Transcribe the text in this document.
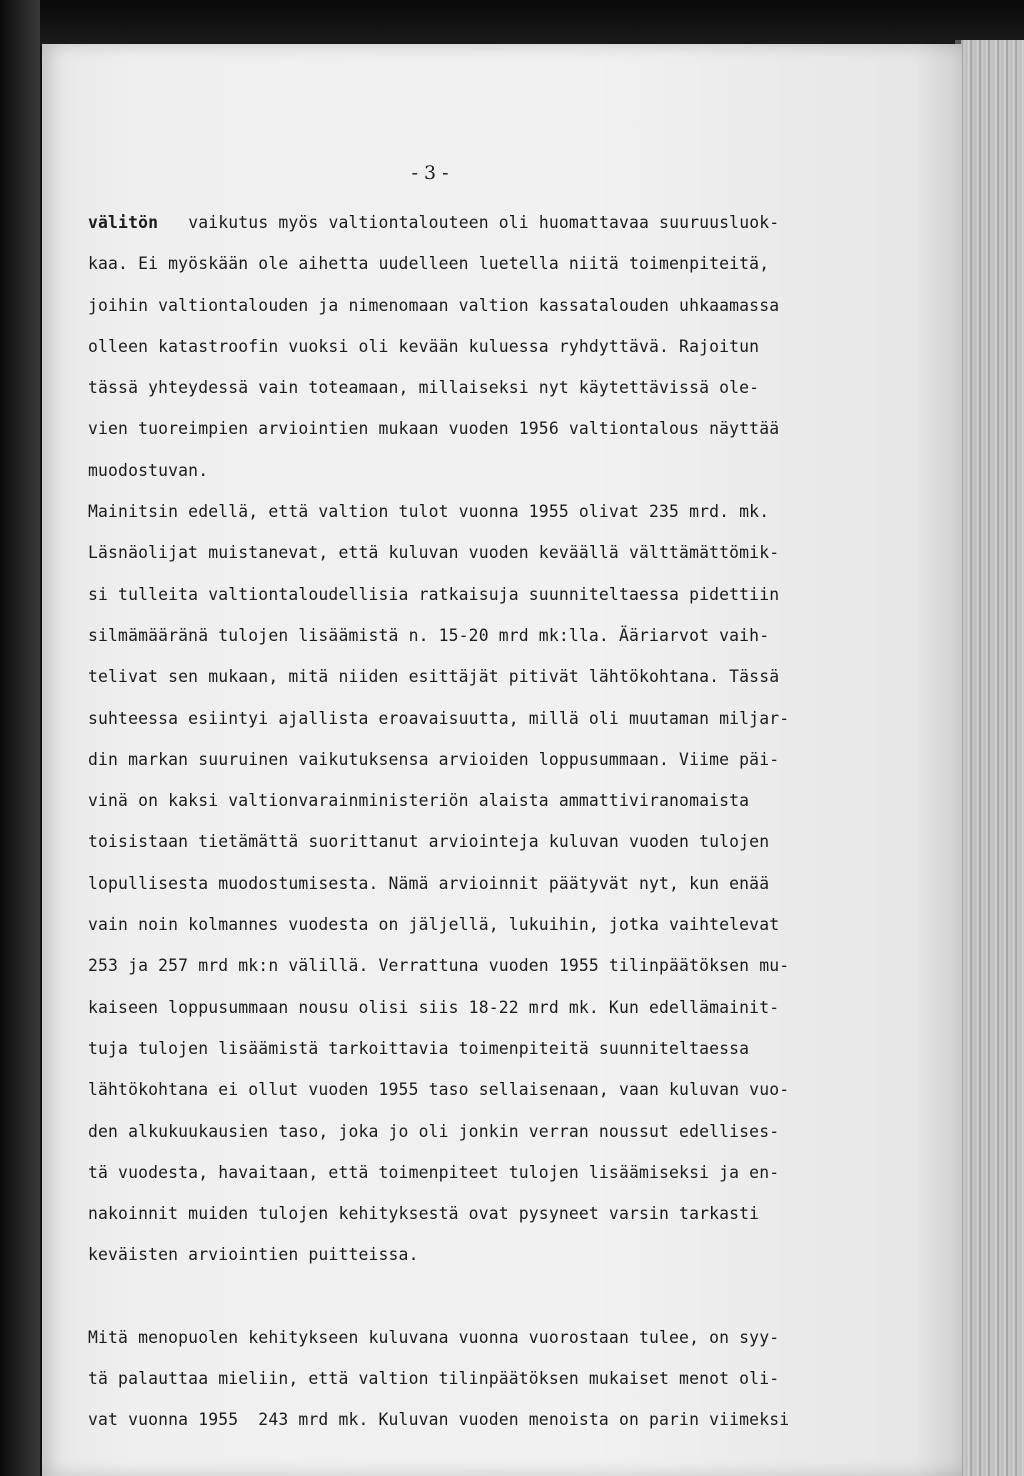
- 3 -
välitön vaikutus myös valtiontalouteen oli huomattavaa suuruusluok-
kaa. Ei myöskään ole aihetta uudelleen luetella niitä toimenpiteitä,
joihin valtiontalouden ja nimenomaan valtion kassatalouden uhkaamassa
olleen katastroofin vuoksi oli kevään kuluessa ryhdyttävä. Rajoitun
tässä yhteydessä vain toteamaan, millaiseksi nyt käytettävissä ole-
vien tuoreimpien arviointien mukaan vuoden 1956 valtiontalous näyttää
muodostuvan.
Mainitsin edellä, että valtion tulot vuonna 1955 olivat 235 mrd. mk.
Läsnäolijat muistanevat, että kuluvan vuoden keväällä välttämättömik-
si tulleita valtiontaloudellisia ratkaisuja suunniteltaessa pidettiin
silmämääränä tulojen lisäämistä n. 15-20 mrd mk:lla. Ääriarvot vaih-
telivat sen mukaan, mitä niiden esittäjät pitivät lähtökohtana. Tässä
suhteessa esiintyi ajallista eroavaisuutta, millä oli muutaman miljar-
din markan suuruinen vaikutuksensa arvioiden loppusummaan. Viime päi-
vinä on kaksi valtionvarainministeriön alaista ammattiviranomaista
toisistaan tietämättä suorittanut arviointeja kuluvan vuoden tulojen
lopullisesta muodostumisesta. Nämä arvioinnit päätyvät nyt, kun enää
vain noin kolmannes vuodesta on jäljellä, lukuihin, jotka vaihtelevat
253 ja 257 mrd mk:n välillä. Verrattuna vuoden 1955 tilinpäätöksen mu-
kaiseen loppusummaan nousu olisi siis 18-22 mrd mk. Kun edellämainit-
tuja tulojen lisäämistä tarkoittavia toimenpiteitä suunniteltaessa
lähtökohtana ei ollut vuoden 1955 taso sellaisenaan, vaan kuluvan vuo-
den alkukuukausien taso, joka jo oli jonkin verran noussut edellises-
tä vuodesta, havaitaan, että toimenpiteet tulojen lisäämiseksi ja en-
nakoinnit muiden tulojen kehityksestä ovat pysyneet varsin tarkasti
keväisten arviointien puitteissa.
Mitä menopuolen kehitykseen kuluvana vuonna vuorostaan tulee, on syy-
tä palauttaa mieliin, että valtion tilinpäätöksen mukaiset menot oli-
vat vuonna 1955  243 mrd mk. Kuluvan vuoden menoista on parin viimeksi
